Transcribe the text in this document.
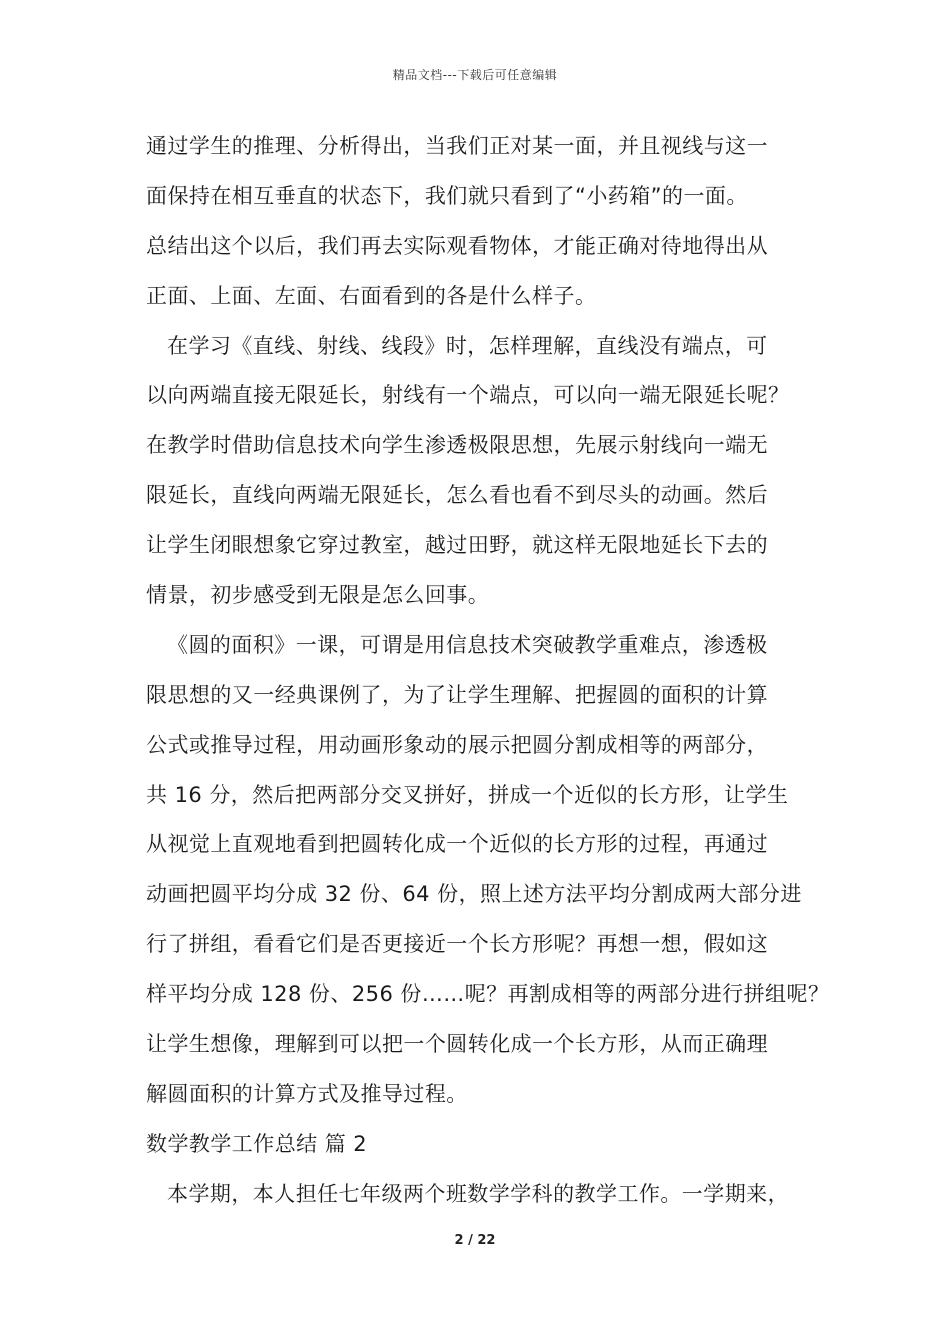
精品文档---下载后可任意编辑
通过学生的推理、分析得出，当我们正对某一面，并且视线与这一
面保持在相互垂直的状态下，我们就只看到了“小药箱”的一面。
总结出这个以后，我们再去实际观看物体，才能正确对待地得出从
正面、上面、左面、右面看到的各是什么样子。
在学习《直线、射线、线段》时，怎样理解，直线没有端点，可
以向两端直接无限延长，射线有一个端点，可以向一端无限延长呢？
在教学时借助信息技术向学生渗透极限思想，先展示射线向一端无
限延长，直线向两端无限延长，怎么看也看不到尽头的动画。然后
让学生闭眼想象它穿过教室，越过田野，就这样无限地延长下去的
情景，初步感受到无限是怎么回事。
《圆的面积》一课，可谓是用信息技术突破教学重难点，渗透极
限思想的又一经典课例了，为了让学生理解、把握圆的面积的计算
公式或推导过程，用动画形象动的展示把圆分割成相等的两部分，
共 16 分，然后把两部分交叉拼好，拼成一个近似的长方形，让学生
从视觉上直观地看到把圆转化成一个近似的长方形的过程，再通过
动画把圆平均分成 32 份、64 份，照上述方法平均分割成两大部分进
行了拼组，看看它们是否更接近一个长方形呢？再想一想，假如这
样平均分成 128 份、256 份……呢？再割成相等的两部分进行拼组呢？
让学生想像，理解到可以把一个圆转化成一个长方形，从而正确理
解圆面积的计算方式及推导过程。
数学教学工作总结 篇 2
本学期，本人担任七年级两个班数学学科的教学工作。一学期来，
2 / 22
